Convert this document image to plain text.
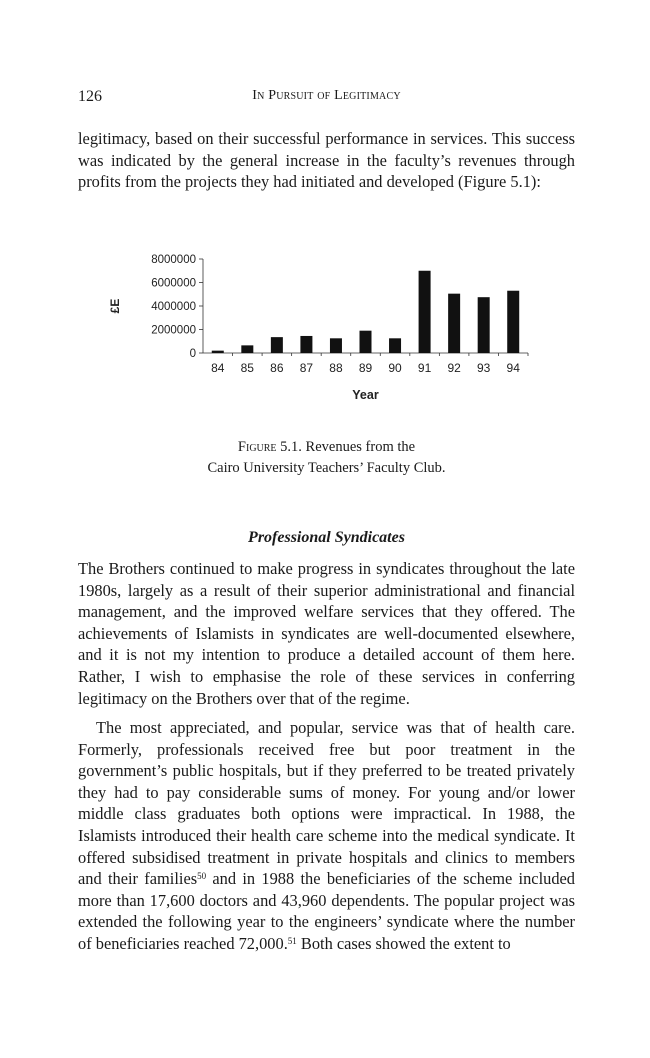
126	In Pursuit of Legitimacy

legitimacy, based on their successful performance in services. This success was indicated by the general increase in the faculty’s revenues through profits from the projects they had initiated and developed (Figure 5.1):

0
2000000
4000000
6000000
8000000
£E
84 85 86 87 88 89 90 91 92 93 94
Year
Figure 5.1. Revenues from the
Cairo University Teachers’ Faculty Club.
Professional Syndicates

The Brothers continued to make progress in syndicates throughout the late 1980s, largely as a result of their superior administrational and financial management, and the improved welfare services that they offered. The achievements of Islamists in syndicates are well-documented elsewhere, and it is not my intention to produce a detailed account of them here. Rather, I wish to emphasise the role of these services in conferring legitimacy on the Brothers over that of the regime.

The most appreciated, and popular, service was that of health care. Formerly, professionals received free but poor treatment in the government’s public hospitals, but if they preferred to be treated privately they had to pay considerable sums of money. For young and/or lower middle class graduates both options were impractical. In 1988, the Islamists introduced their health care scheme into the medical syndicate. It offered subsidised treatment in private hospitals and clinics to members and their families$^{50}$ and in 1988 the beneficiaries of the scheme included more than 17,600 doctors and 43,960 dependents. The popular project was extended the following year to the engineers’ syndicate where the number of beneficiaries reached 72,000.51 Both cases showed the extent to
